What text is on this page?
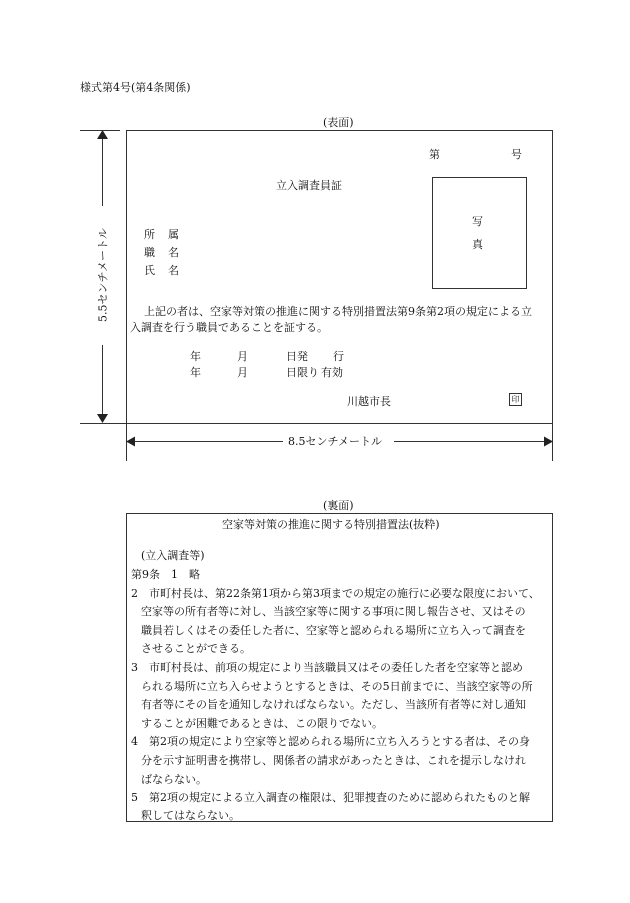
様式第4号(第4条関係)
(表面)
第	号
立入調査員証
写
真
所 属
職 名
氏 名
上記の者は、空家等対策の推進に関する特別措置法第9条第2項の規定による立
入調査を行う職員であることを証する。
年	月	日発 行
年	月	日限り 有効
川越市長	印
5.5センチメートル
8.5センチメートル
(裏面)
空家等対策の推進に関する特別措置法(抜粋)
(立入調査等)
第9条　1　略
2　市町村長は、第22条第1項から第3項までの規定の施行に必要な限度において、
空家等の所有者等に対し、当該空家等に関する事項に関し報告させ、又はその
職員若しくはその委任した者に、空家等と認められる場所に立ち入って調査を
させることができる。
3　市町村長は、前項の規定により当該職員又はその委任した者を空家等と認め
られる場所に立ち入らせようとするときは、その5日前までに、当該空家等の所
有者等にその旨を通知しなければならない。ただし、当該所有者等に対し通知
することが困難であるときは、この限りでない。
4　第2項の規定により空家等と認められる場所に立ち入ろうとする者は、その身
分を示す証明書を携帯し、関係者の請求があったときは、これを提示しなけれ
ばならない。
5　第2項の規定による立入調査の権限は、犯罪捜査のために認められたものと解
釈してはならない。
